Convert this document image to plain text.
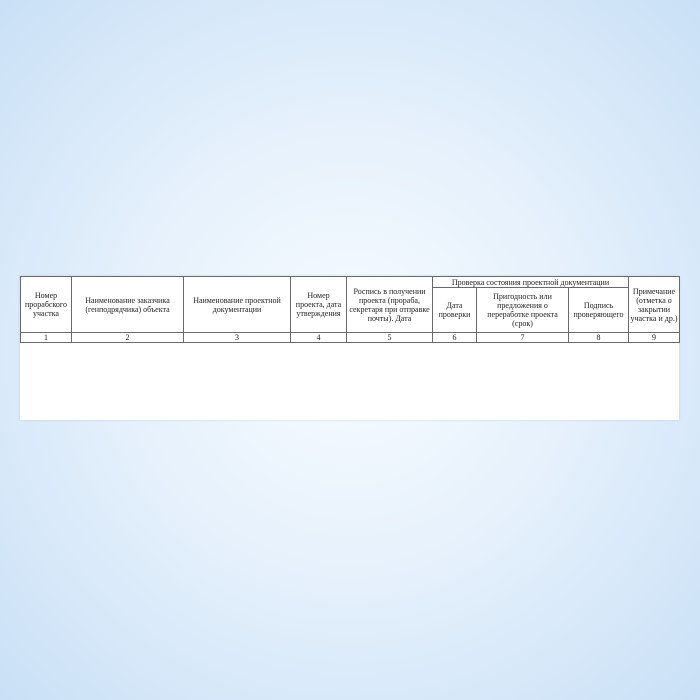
Номер прорабского участка	Наименование заказчика (генподрядчика) объекта	Наименование проектной документации	Номер проекта, дата утверждения	Роспись в получении проекта (прораба, секретаря при отправке почты). Дата	Проверка состояния проектной документации			Примечание (отметка о закрытии участка и др.)
					Дата проверки	Пригодность или предложения о переработке проекта (срок)	Подпись проверяющего	
1	2	3	4	5	6	7	8	9
